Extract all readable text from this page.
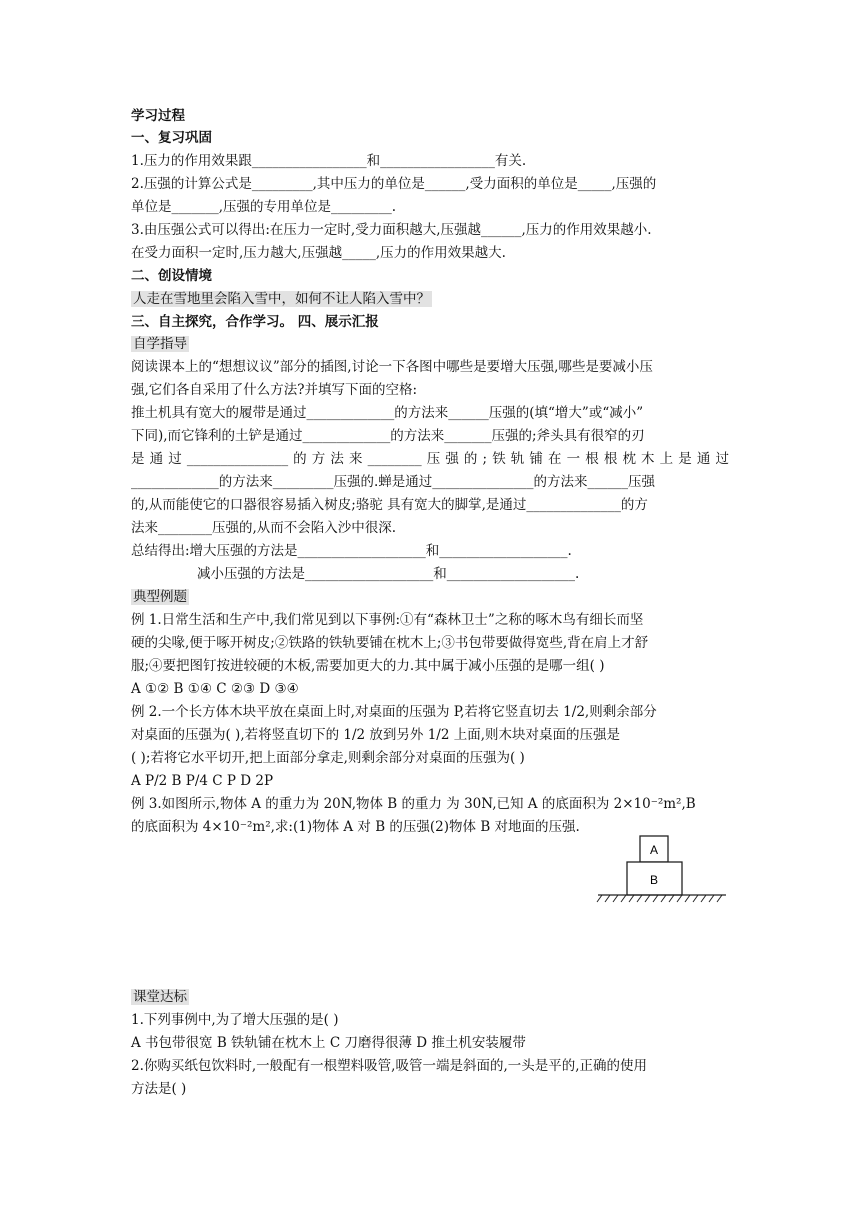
学习过程
一、复习巩固
1.压力的作用效果跟_________________和_________________有关.
2.压强的计算公式是_________,其中压力的单位是______,受力面积的单位是_____,压强的
单位是_______,压强的专用单位是_________.
3.由压强公式可以得出:在压力一定时,受力面积越大,压强越______,压力的作用效果越小.
在受力面积一定时,压力越大,压强越_____,压力的作用效果越大.
二、创设情境
人走在雪地里会陷入雪中，如何不让人陷入雪中？
三、自主探究，合作学习。 四、展示汇报
自学指导
阅读课本上的“想想议议”部分的插图,讨论一下各图中哪些是要增大压强,哪些是要减小压
强,它们各自采用了什么方法?并填写下面的空格:
推土机具有宽大的履带是通过_____________的方法来______压强的(填“增大”或“减小”
下同),而它锋利的土铲是通过_____________的方法来_______压强的;斧头具有很窄的刃
是通过_______________的方法来________压强的;铁轨铺在一根根枕木上是通过
_____________的方法来_________压强的.蝉是通过_______________的方法来______压强
的,从而能使它的口器很容易插入树皮;骆驼 具有宽大的脚掌,是通过______________的方
法来________压强的,从而不会陷入沙中很深.
总结得出:增大压强的方法是___________________和___________________.
减小压强的方法是___________________和___________________.
典型例题
例 1.日常生活和生产中,我们常见到以下事例:①有“森林卫士”之称的啄木鸟有细长而坚
硬的尖喙,便于啄开树皮;②铁路的铁轨要铺在枕木上;③书包带要做得宽些,背在肩上才舒
服;④要把图钉按进较硬的木板,需要加更大的力.其中属于减小压强的是哪一组( )
A ①② B ①④ C ②③ D ③④
例 2.一个长方体木块平放在桌面上时,对桌面的压强为 P,若将它竖直切去 1/2,则剩余部分
对桌面的压强为( ),若将竖直切下的 1/2 放到另外 1/2 上面,则木块对桌面的压强是
( );若将它水平切开,把上面部分拿走,则剩余部分对桌面的压强为( )
A P/2 B P/4 C P D 2P
例 3.如图所示,物体 A 的重力为 20N,物体 B 的重力 为 30N,已知 A 的底面积为 2×10⁻²m²,B
的底面积为 4×10⁻²m²,求:(1)物体 A 对 B 的压强(2)物体 B 对地面的压强.
A
B
课堂达标
1.下列事例中,为了增大压强的是( )
A 书包带很宽 B 铁轨铺在枕木上 C 刀磨得很薄 D 推土机安装履带
2.你购买纸包饮料时,一般配有一根塑料吸管,吸管一端是斜面的,一头是平的,正确的使用
方法是( )
